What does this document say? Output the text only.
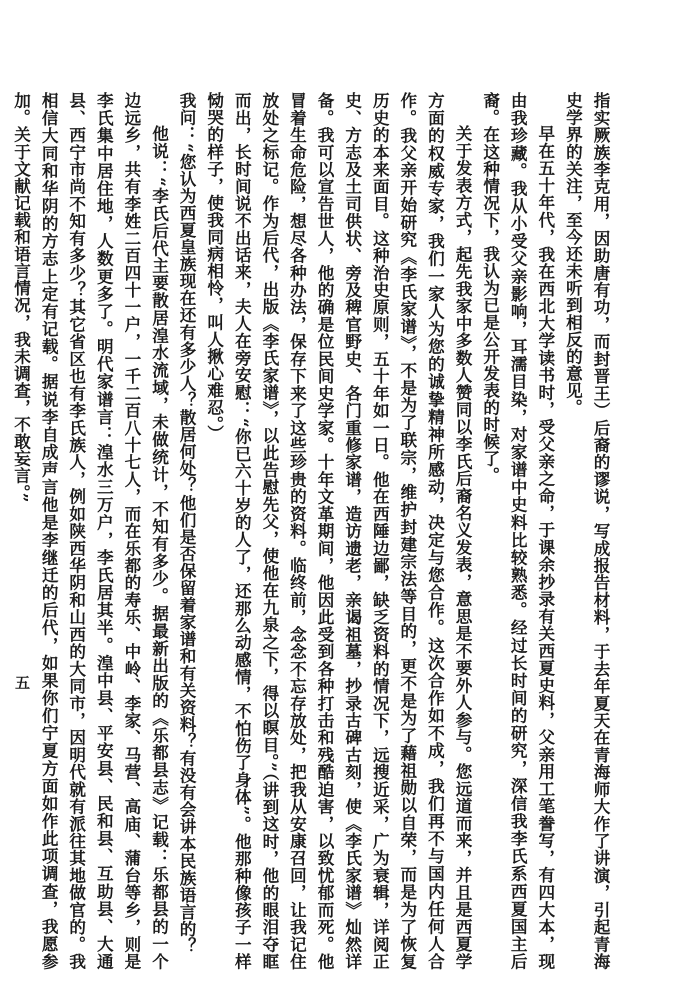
指实厥族李克用，因助唐有功，而封晋王）后裔的谬说，写成报告材料，于去年夏天在青海师大作了讲演，引起青海史学界的关注，至今还未听到相反的意见。

早在五十年代，我在西北大学读书时，受父亲之命，于课余抄录有关西夏史料，父亲用工笔誊写，有四大本，现由我珍藏。我从小受父亲影响，耳濡目染，对家谱中史料比较熟悉。经过长时间的研究，深信我李氏系西夏国主后裔。在这种情况下，我认为已是公开发表的时候了。

关于发表方式，起先我家中多数人赞同以李氏后裔名义发表，意思是不要外人参与。您远道而来，并且是西夏学方面的权威专家，我们一家人为您的诚挚精神所感动，决定与您合作。这次合作如不成，我们再不与国内任何人合作。我父亲开始研究《李氏家谱》，不是为了联宗，维护封建宗法等目的，更不是为了藉祖勋以自荣，而是为了恢复历史的本来面目。这种治史原则，五十年如一日。他在西陲边鄙，缺乏资料的情况下，远搜近采，广为衰辑，详阅正史、方志及土司供状、旁及稗官野史、各门重修家谱，造访遗老，亲谒祖墓，抄录古碑古刻，使《李氏家谱》灿然详备。我可以宣告世人，他的确是位民间史学家。十年文革期间，他因此受到各种打击和残酷迫害，以致忧郁而死。他冒着生命危险，想尽各种办法，保存下来了这些珍贵的资料。临终前，念念不忘存放处，把我从安康召回，让我记住放处之标记。作为后代，出版《李氏家谱》，以此告慰先父，使他在九泉之下，得以瞑目。”（讲到这时，他的眼泪夺眶而出，长时间说不出话来，夫人在旁安慰：“你已六十岁的人了，还那么动感情，不怕伤了身体”。他那种像孩子一样恸哭的样子，使我同病相怜，叫人揪心难忍。）

我问：“您认为西夏皇族现在还有多少人？散居何处？他们是否保留着家谱和有关资料？有没有会讲本民族语言的？

他说：“李氏后代主要散居湟水流域，未做统计，不知有多少。据最新出版的《乐都县志》记载：乐都县的一个边远乡，共有李姓二百四十一户，一千二百八十七人，而在乐都的寿乐、中岭、李家、马营、高庙、蒲台等乡，则是李氏集中居住地，人数更多了。明代家谱言：湟水三万户，李氏居其半。湟中县、平安县、民和县、互助县、大通县、西宁市尚不知有多少？其它省区也有李氏族人，例如陕西华阴和山西的大同市，因明代就有派往其地做官的。我相信大同和华阴的方志上定有记载。据说李自成声言他是李继迁的后代，如果你们宁夏方面如作此项调查，我愿参加。关于文献记载和语言情况，我未调查，不敢妄言。”

五
